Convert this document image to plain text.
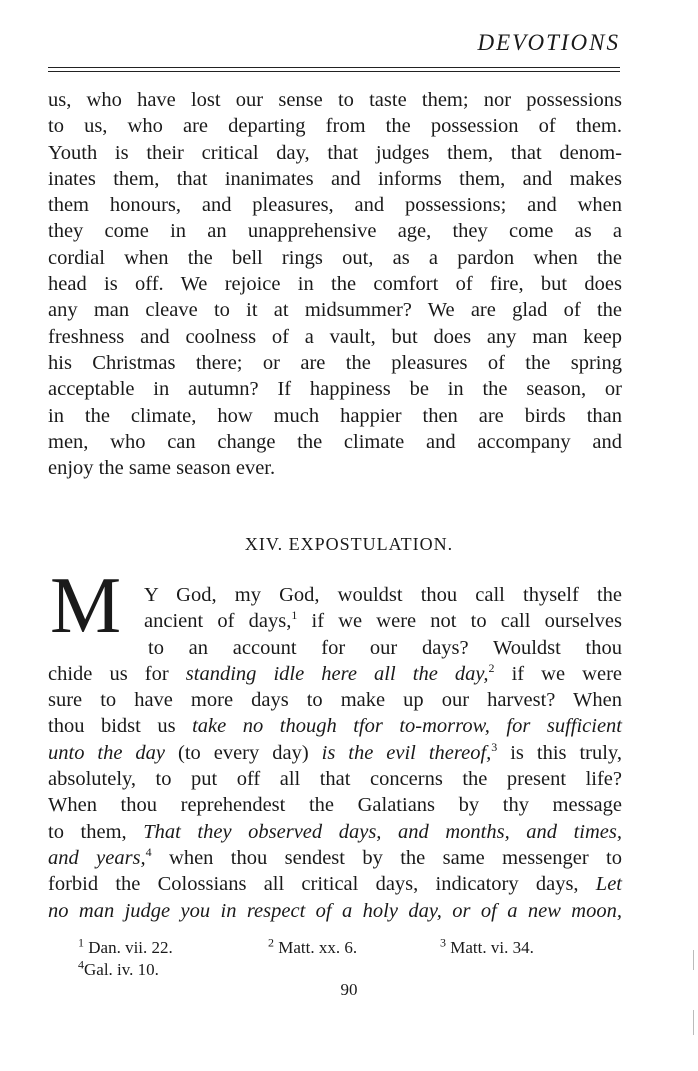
DEVOTIONS
us, who have lost our sense to taste them; nor possessions
to us, who are departing from the possession of them.
Youth is their critical day, that judges them, that denom-
inates them, that inanimates and informs them, and makes
them honours, and pleasures, and possessions; and when
they come in an unapprehensive age, they come as a
cordial when the bell rings out, as a pardon when the
head is off. We rejoice in the comfort of fire, but does
any man cleave to it at midsummer? We are glad of the
freshness and coolness of a vault, but does any man keep
his Christmas there; or are the pleasures of the spring
acceptable in autumn? If happiness be in the season, or
in the climate, how much happier then are birds than
men, who can change the climate and accompany and
enjoy the same season ever.
XIV. EXPOSTULATION.
M	Y God, my God, wouldst thou call thyself the
ancient of days,$^1$ if we were not to call ourselves
to an account for our days? Wouldst thou
chide us for standing idle here all the day,$^2$ if we were
sure to have more days to make up our harvest? When
thou bidst us take no though tfor to-morrow, for sufficient
unto the day (to every day) is the evil thereof,$^3$ is this truly,
absolutely, to put off all that concerns the present life?
When thou reprehendest the Galatians by thy message
to them, That they observed days, and months, and times,
and years,$^4$ when thou sendest by the same messenger to
forbid the Colossians all critical days, indicatory days, Let
no man judge you in respect of a holy day, or of a new moon,
$^1$ Dan. vii. 22.	$^2$ Matt. xx. 6.	$^3$ Matt. vi. 34.
$^4$Gal. iv. 10.
90
